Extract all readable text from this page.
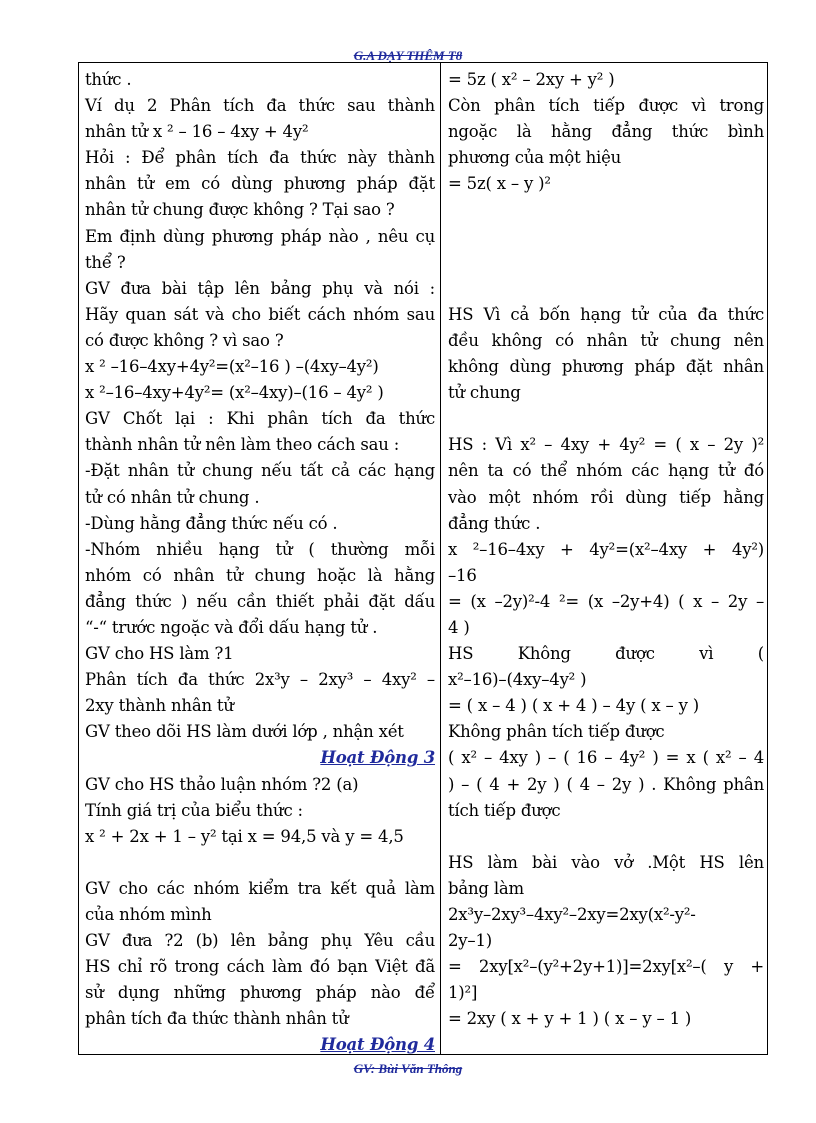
G.A DẠY THÊM T8
thức .
Ví dụ 2 Phân tích đa thức sau thành
nhân tử x ² – 16 – 4xy + 4y²
Hỏi : Để phân tích đa thức này thành
nhân tử em có dùng phương pháp đặt
nhân tử chung được không ? Tại sao ?
Em định dùng phương pháp nào , nêu cụ
thể ?
GV đưa bài tập lên bảng phụ và nói :
Hãy quan sát và cho biết cách nhóm sau
có được không ? vì sao ?
x ² –16–4xy+4y²=(x²–16 ) –(4xy–4y²)
x ²–16–4xy+4y²= (x²–4xy)–(16 – 4y² )
GV Chốt lại : Khi phân tích đa thức
thành nhân tử nên làm theo cách sau :
-Đặt nhân tử chung nếu tất cả các hạng
tử có nhân tử chung .
-Dùng hằng đẳng thức nếu có .
-Nhóm nhiều hạng tử ( thường mỗi
nhóm có nhân tử chung hoặc là hằng
đẳng thức ) nếu cần thiết phải đặt dấu
“-“ trước ngoặc và đổi dấu hạng tử .
GV cho HS làm ?1
Phân tích đa thức 2x³y – 2xy³ – 4xy² –
2xy thành nhân tử
GV theo dõi HS làm dưới lớp , nhận xét
Hoạt Động 3
GV cho HS thảo luận nhóm ?2 (a)
Tính giá trị của biểu thức :
x ² + 2x + 1 – y² tại x = 94,5 và y = 4,5
GV cho các nhóm kiểm tra kết quả làm
của nhóm mình
GV đưa ?2 (b) lên bảng phụ Yêu cầu
HS chỉ rõ trong cách làm đó bạn Việt đã
sử dụng những phương pháp nào để
phân tích đa thức thành nhân tử
Hoạt Động 4
= 5z ( x² – 2xy + y² )
Còn phân tích tiếp được vì trong
ngoặc là hằng đẳng thức bình
phương của một hiệu
= 5z( x – y )²
HS Vì cả bốn hạng tử của đa thức
đều không có nhân tử chung nên
không dùng phương pháp đặt nhân
tử chung
HS : Vì x² – 4xy + 4y² = ( x – 2y )²
nên ta có thể nhóm các hạng tử đó
vào một nhóm rồi dùng tiếp hằng
đẳng thức .
x ²–16–4xy + 4y²=(x²–4xy + 4y²)
–16
= (x –2y)²-4 ²= (x –2y+4) ( x – 2y –
4 )
HS Không được vì (
x²–16)–(4xy–4y² )
= ( x – 4 ) ( x + 4 ) – 4y ( x – y )
Không phân tích tiếp được
( x² – 4xy ) – ( 16 – 4y² ) = x ( x² – 4
) – ( 4 + 2y ) ( 4 – 2y ) . Không phân
tích tiếp được
HS làm bài vào vở .Một HS lên
bảng làm
2x³y–2xy³–4xy²–2xy=2xy(x²-y²-
2y–1)
= 2xy[x²–(y²+2y+1)]=2xy[x²–( y +
1)²]
= 2xy ( x + y + 1 ) ( x – y – 1 )
GV: Bùi Văn Thông
